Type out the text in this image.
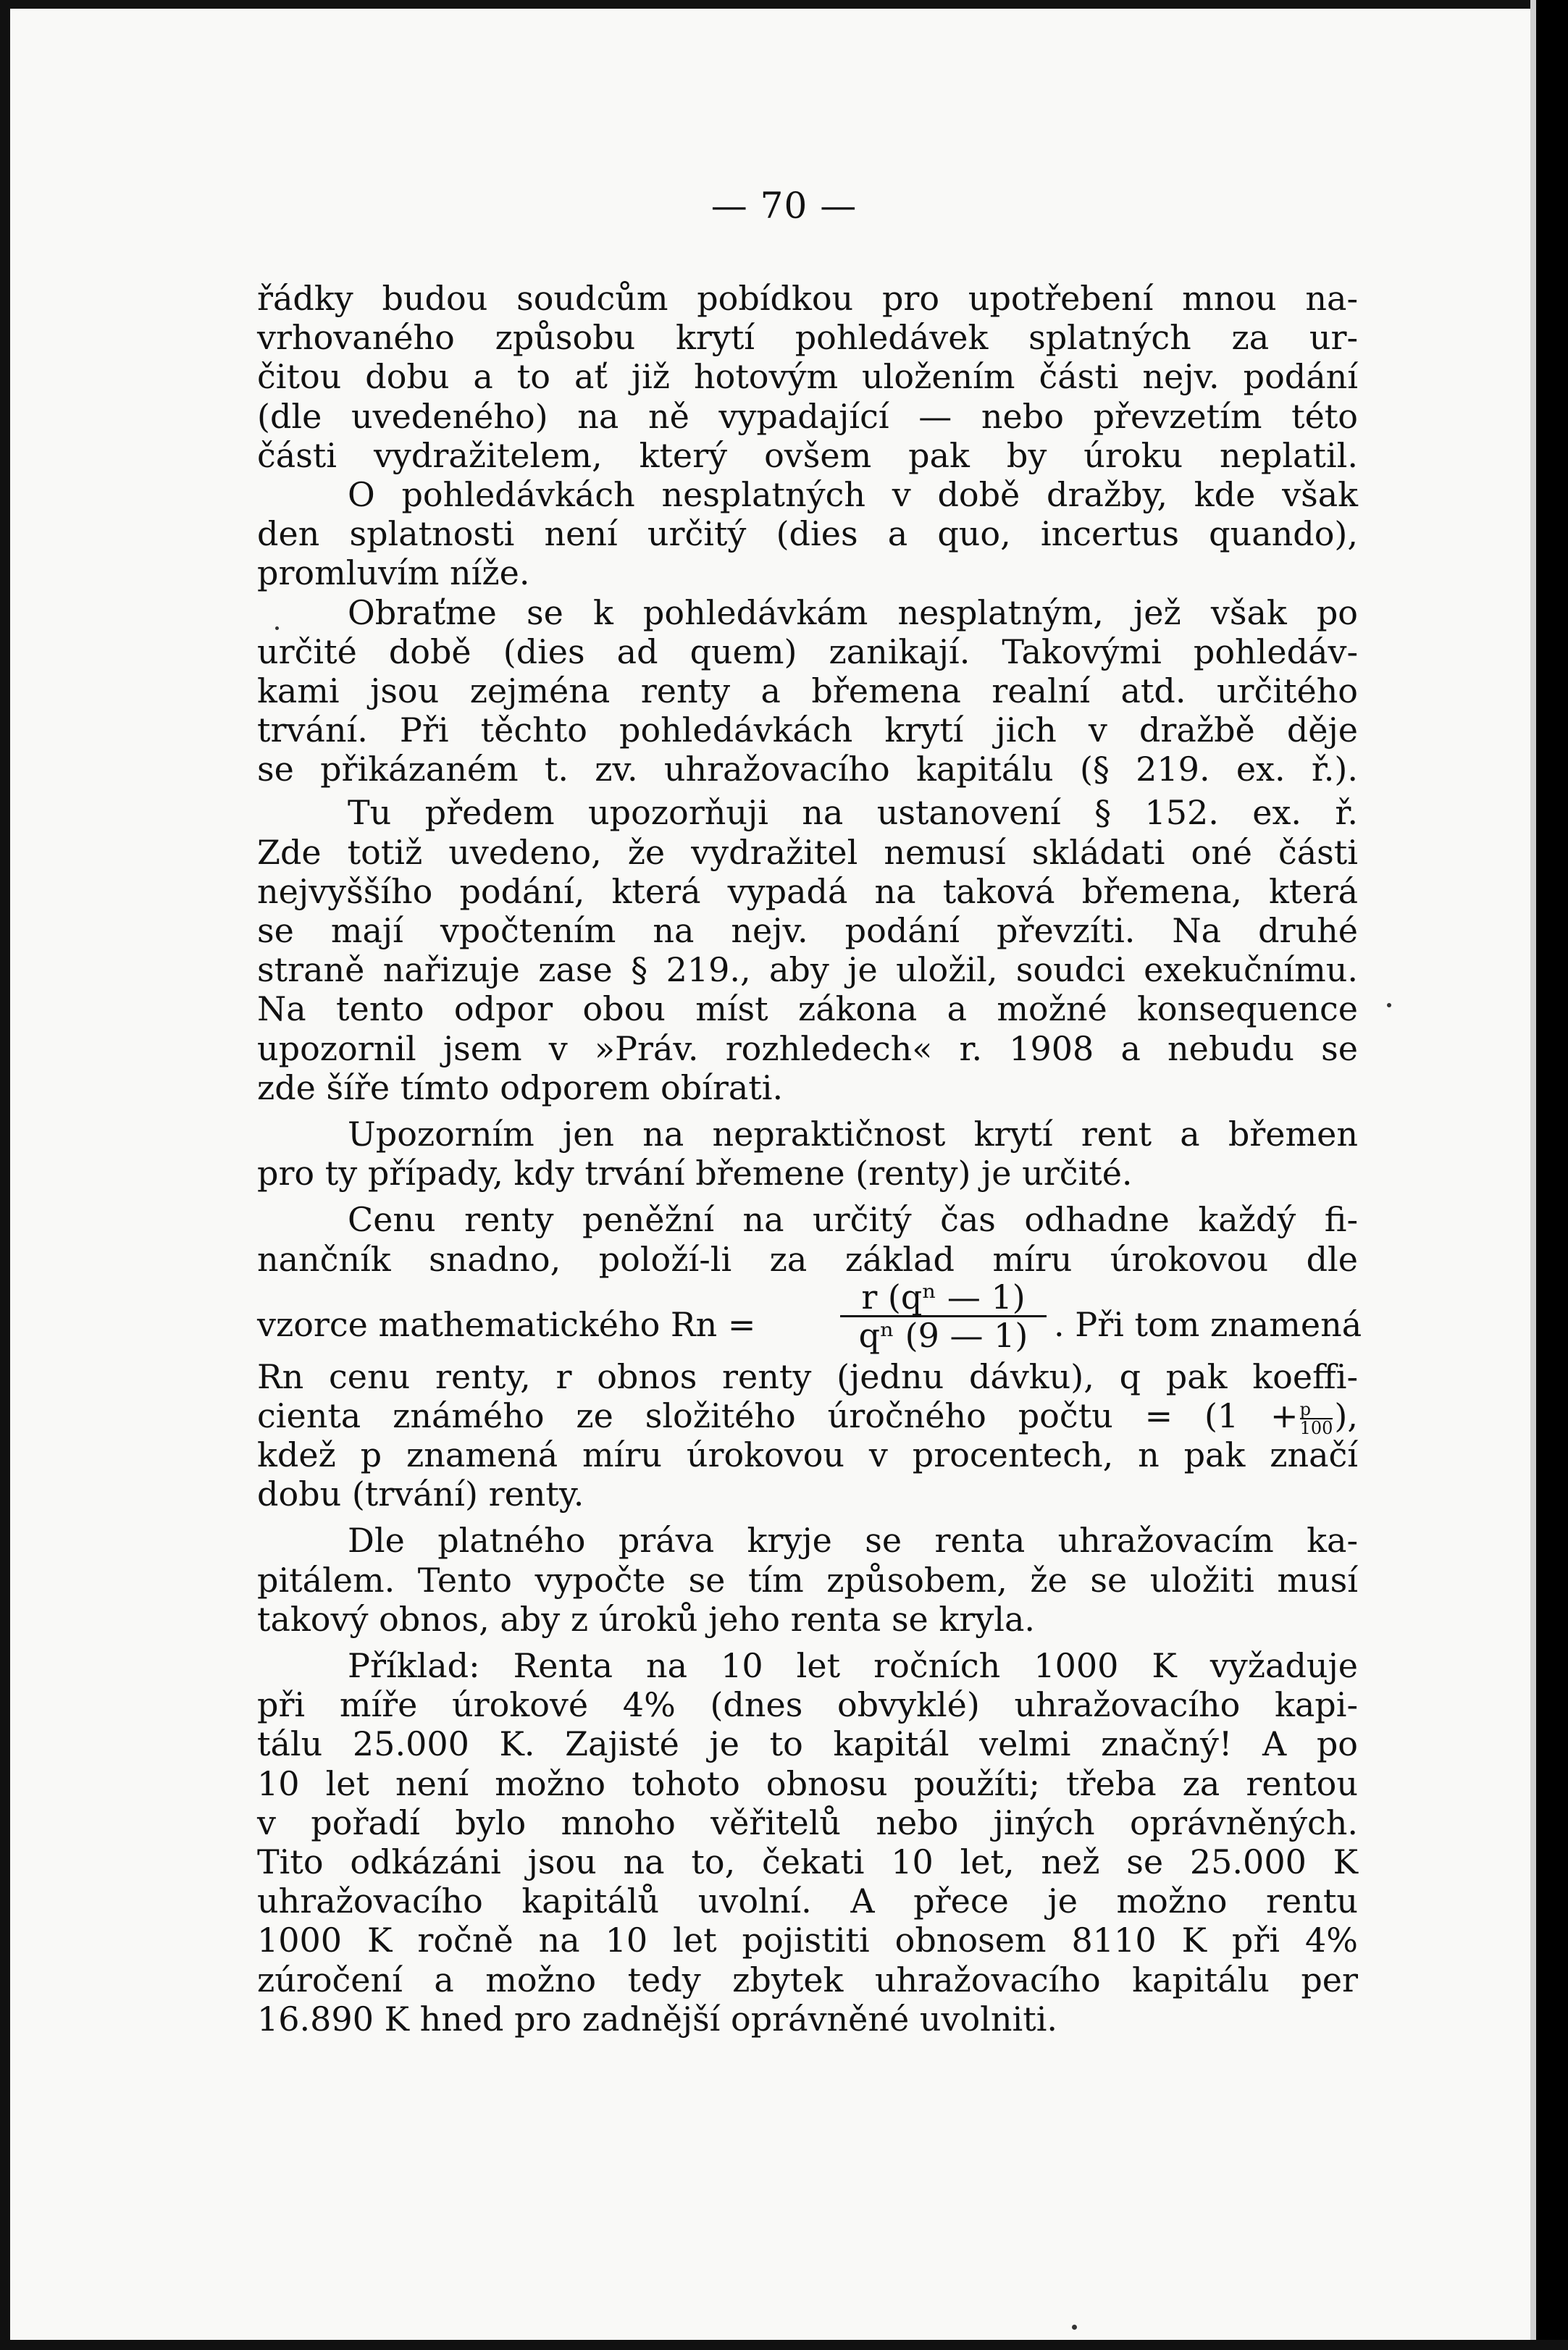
— 70 —
řádky budou soudcům pobídkou pro upotřebení mnou na-
vrhovaného způsobu krytí pohledávek splatných za ur-
čitou dobu a to ať již hotovým uložením části nejv. podání
(dle uvedeného) na ně vypadající — nebo převzetím této
části vydražitelem, který ovšem pak by úroku neplatil.
O pohledávkách nesplatných v době dražby, kde však
den splatnosti není určitý (dies a quo, incertus quando),
promluvím níže.
Obraťme se k pohledávkám nesplatným, jež však po
určité době (dies ad quem) zanikají. Takovými pohledáv-
kami jsou zejména renty a břemena realní atd. určitého
trvání. Při těchto pohledávkách krytí jich v dražbě děje
se přikázaném t. zv. uhražovacího kapitálu (§ 219. ex. ř.).
Tu předem upozorňuji na ustanovení § 152. ex. ř.
Zde totiž uvedeno, že vydražitel nemusí skládati oné části
nejvyššího podání, která vypadá na taková břemena, která
se mají vpočtením na nejv. podání převzíti. Na druhé
straně nařizuje zase § 219., aby je uložil, soudci exekučnímu.
Na tento odpor obou míst zákona a možné konsequence
upozornil jsem v »Práv. rozhledech« r. 1908 a nebudu se
zde šíře tímto odporem obírati.
Upozorním jen na nepraktičnost krytí rent a břemen
pro ty případy, kdy trvání břemene (renty) je určité.
Cenu renty peněžní na určitý čas odhadne každý fi-
nančník snadno, položí-li za základ míru úrokovou dle
vzorce mathematického Rn =	$\frac{\text{r (qⁿ — 1)}}{\text{qⁿ (9 — 1)}}$ . Při tom znamená
Rn cenu renty, r obnos renty (jednu dávku), q pak koeffi-
cienta známého ze složitého úročného počtu = ($1 + \frac{p}{100}$ ),
kdež p znamená míru úrokovou v procentech, n pak značí
dobu (trvání) renty.
Dle platného práva kryje se renta uhražovacím ka-
pitálem. Tento vypočte se tím způsobem, že se uložiti musí
takový obnos, aby z úroků jeho renta se kryla.
Příklad: Renta na 10 let ročních 1000 K vyžaduje
při míře úrokové 4% (dnes obvyklé) uhražovacího kapi-
tálu 25.000 K. Zajisté je to kapitál velmi značný! A po
10 let není možno tohoto obnosu použíti; třeba za rentou
v pořadí bylo mnoho věřitelů nebo jiných oprávněných.
Tito odkázáni jsou na to, čekati 10 let, než se 25.000 K
uhražovacího kapitálů uvolní. A přece je možno rentu
1000 K ročně na 10 let pojistiti obnosem 8110 K při 4%
zúročení a možno tedy zbytek uhražovacího kapitálu per
16.890 K hned pro zadnější oprávněné uvolniti.
